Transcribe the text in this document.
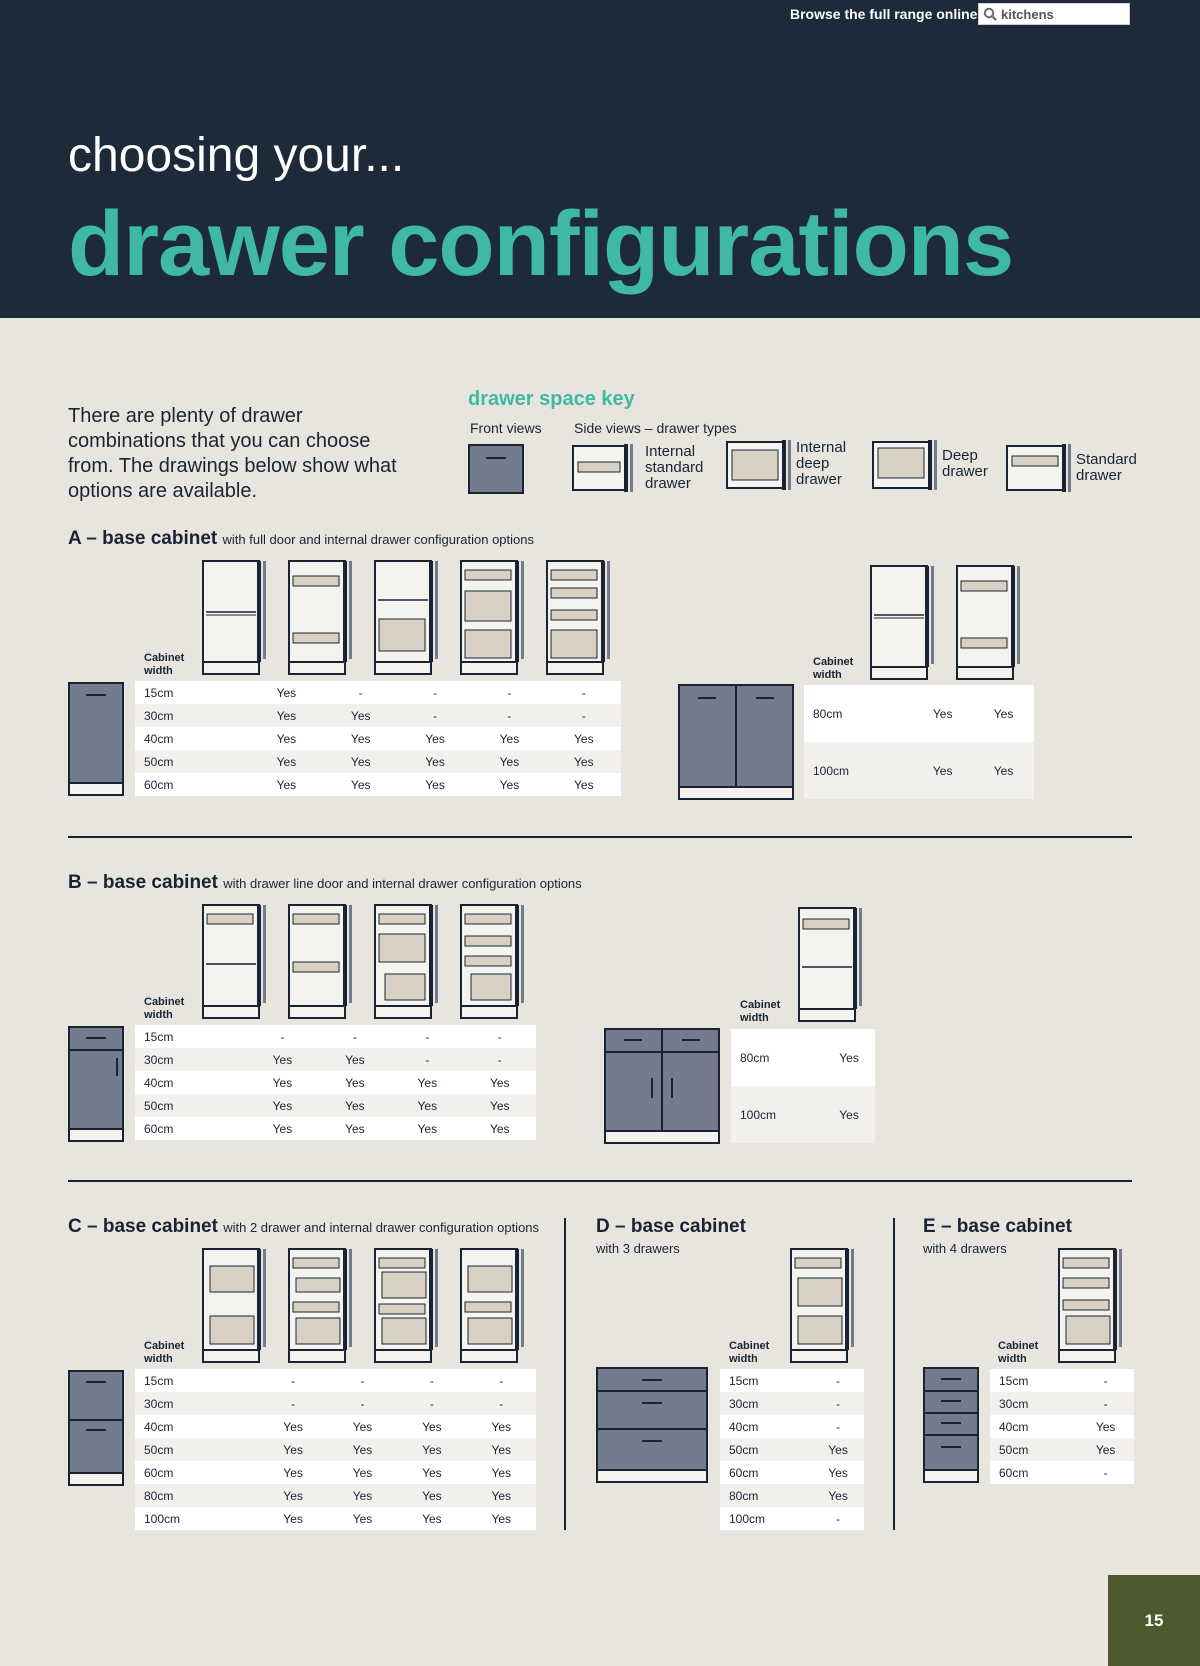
Browse the full range online kitchens
choosing your...
drawer configurations
There are plenty of drawer combinations that you can choose from. The drawings below show what options are available.
drawer space key
Front views Side views – drawer types
Internal standard drawer
Internal deep drawer
Deep drawer
Standard drawer
A – base cabinet with full door and internal drawer configuration options
Cabinet width
15cm	Yes	-	-	-	-
30cm	Yes	Yes	-	-	-
40cm	Yes	Yes	Yes	Yes	Yes
50cm	Yes	Yes	Yes	Yes	Yes
60cm	Yes	Yes	Yes	Yes	Yes
Cabinet width
80cm	Yes	Yes
100cm	Yes	Yes
B – base cabinet with drawer line door and internal drawer configuration options
Cabinet width
15cm	-	-	-	-
30cm	Yes	Yes	-	-
40cm	Yes	Yes	Yes	Yes
50cm	Yes	Yes	Yes	Yes
60cm	Yes	Yes	Yes	Yes
Cabinet width
80cm	Yes
100cm	Yes
C – base cabinet with 2 drawer and internal drawer configuration options
Cabinet width
15cm	-	-	-	-
30cm	-	-	-	-
40cm	Yes	Yes	Yes	Yes
50cm	Yes	Yes	Yes	Yes
60cm	Yes	Yes	Yes	Yes
80cm	Yes	Yes	Yes	Yes
100cm	Yes	Yes	Yes	Yes
D – base cabinet
with 3 drawers
Cabinet width
15cm	-
30cm	-
40cm	-
50cm	Yes
60cm	Yes
80cm	Yes
100cm	-
E – base cabinet
with 4 drawers
Cabinet width
15cm	-
30cm	-
40cm	Yes
50cm	Yes
60cm	-
15
